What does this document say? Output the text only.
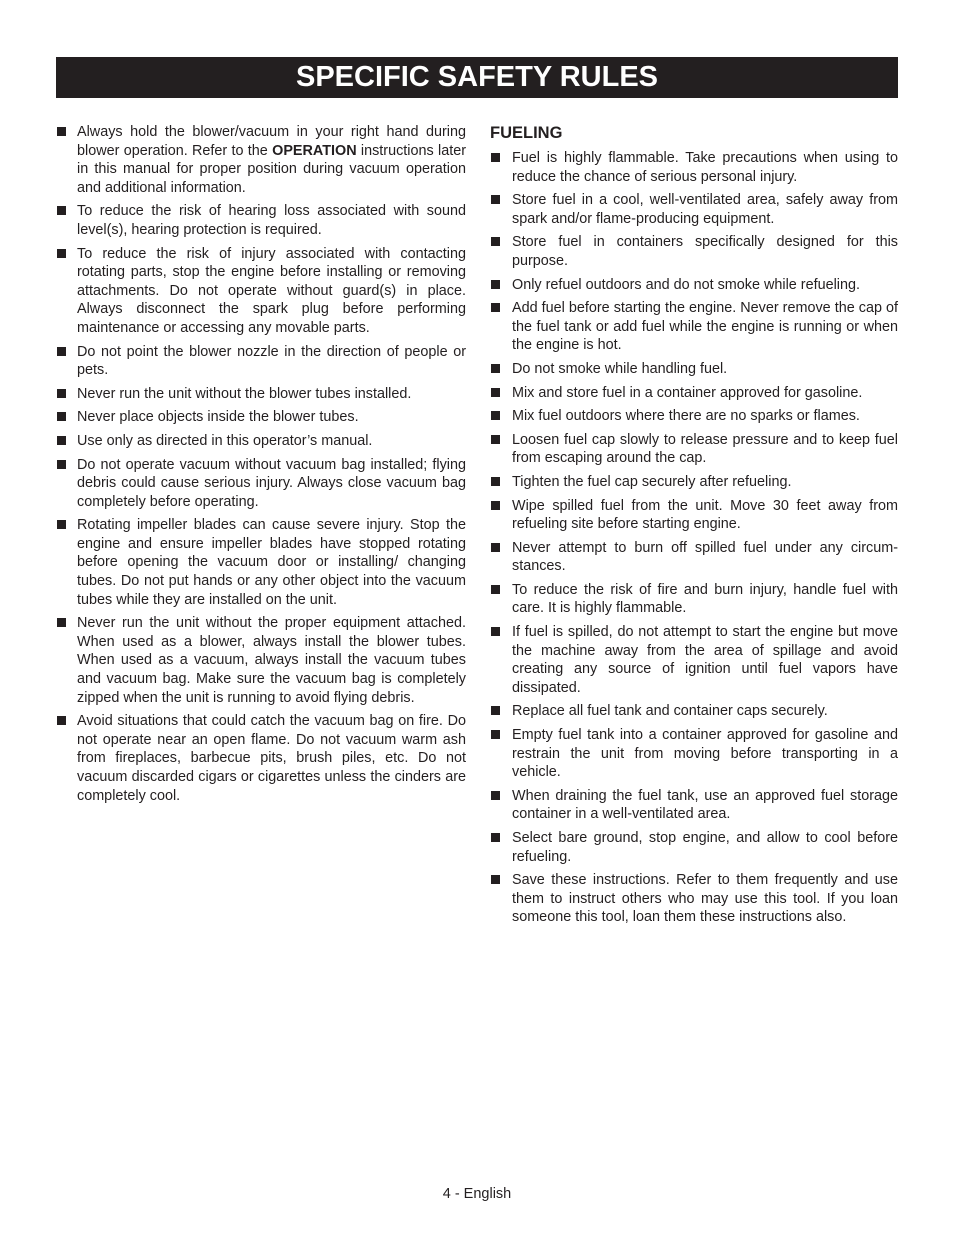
SPECIFIC SAFETY RULES
Always hold the blower/vacuum in your right hand during blower operation. Refer to the OPERATION instructions later in this manual for proper position during vacuum operation and additional information.
To reduce the risk of hearing loss associated with sound level(s), hearing protection is required.
To reduce the risk of injury associated with contacting rotating parts, stop the engine before installing or removing attachments. Do not operate without guard(s) in place. Always disconnect the spark plug before performing maintenance or accessing any movable parts.
Do not point the blower nozzle in the direction of people or pets.
Never run the unit without the blower tubes installed.
Never place objects inside the blower tubes.
Use only as directed in this operator’s manual.
Do not operate vacuum without vacuum bag installed; flying debris could cause serious injury. Always close vacuum bag completely before operating.
Rotating impeller blades can cause severe injury. Stop the engine and ensure impeller blades have stopped rotating before opening the vacuum door or installing/ changing tubes. Do not put hands or any other object into the vacuum tubes while they are installed on the unit.
Never run the unit without the proper equipment attached. When used as a blower, always install the blower tubes. When used as a vacuum, always install the vacuum tubes and vacuum bag. Make sure the vacuum bag is completely zipped when the unit is running to avoid flying debris.
Avoid situations that could catch the vacuum bag on fire. Do not operate near an open flame. Do not vacuum warm ash from fireplaces, barbecue pits, brush piles, etc. Do not vacuum discarded cigars or cigarettes unless the cinders are completely cool.
FUELING
Fuel is highly flammable. Take precautions when using to reduce the chance of serious personal injury.
Store fuel in a cool, well-ventilated area, safely away from spark and/or flame-producing equipment.
Store fuel in containers specifically designed for this purpose.
Only refuel outdoors and do not smoke while refueling.
Add fuel before starting the engine. Never remove the cap of the fuel tank or add fuel while the engine is running or when the engine is hot.
Do not smoke while handling fuel.
Mix and store fuel in a container approved for gasoline.
Mix fuel outdoors where there are no sparks or flames.
Loosen fuel cap slowly to release pressure and to keep fuel from escaping around the cap.
Tighten the fuel cap securely after refueling.
Wipe spilled fuel from the unit. Move 30 feet away from refueling site before starting engine.
Never attempt to burn off spilled fuel under any circum-stances.
To reduce the risk of fire and burn injury, handle fuel with care. It is highly flammable.
If fuel is spilled, do not attempt to start the engine but move the machine away from the area of spillage and avoid creating any source of ignition until fuel vapors have dissipated.
Replace all fuel tank and container caps securely.
Empty fuel tank into a container approved for gasoline and restrain the unit from moving before transporting in a vehicle.
When draining the fuel tank, use an approved fuel storage container in a well-ventilated area.
Select bare ground, stop engine, and allow to cool before refueling.
Save these instructions. Refer to them frequently and use them to instruct others who may use this tool. If you loan someone this tool, loan them these instructions also.
4 - English
